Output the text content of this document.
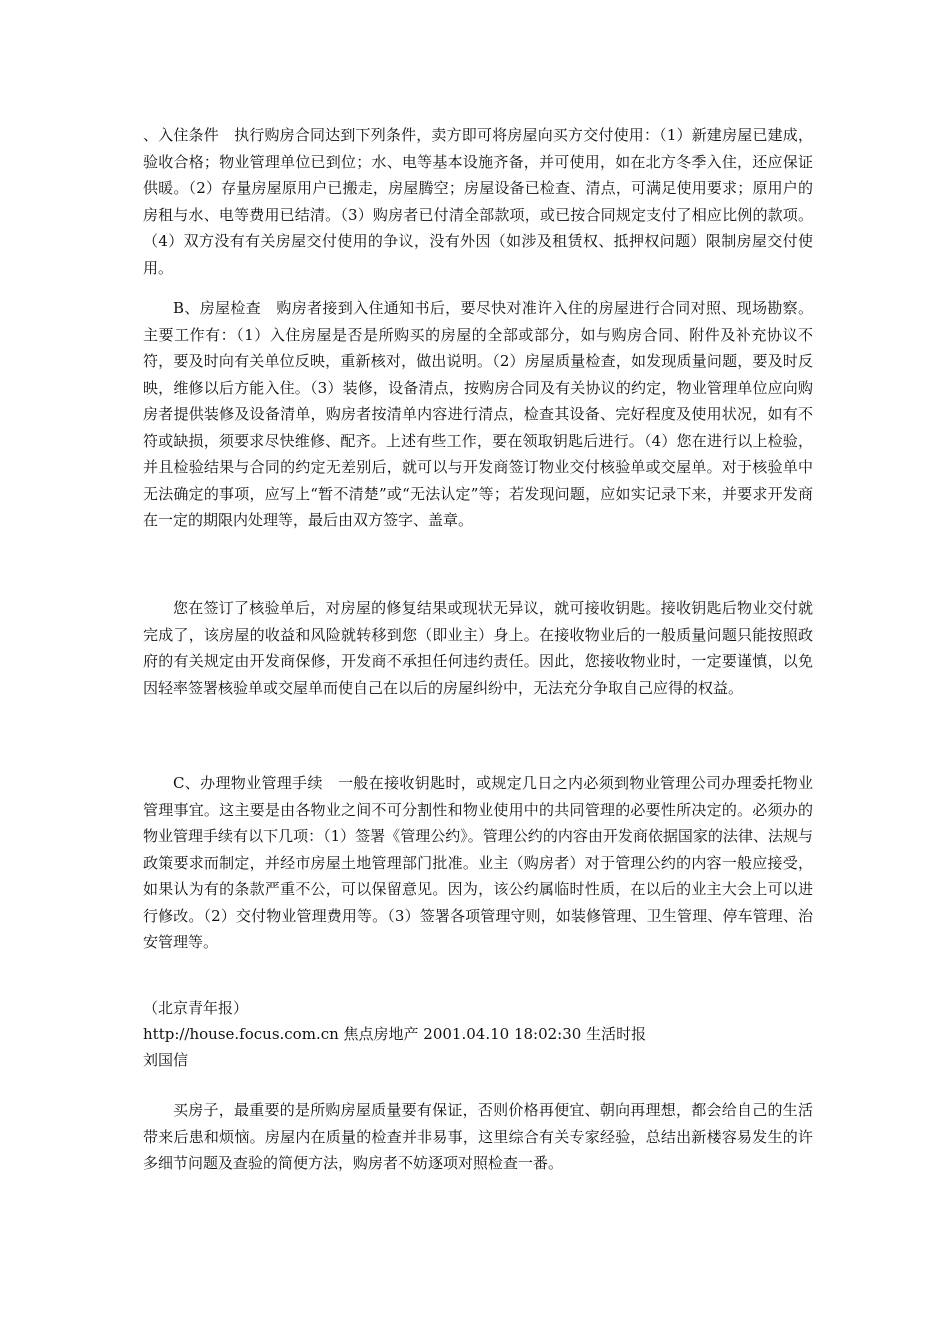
、入住条件　执行购房合同达到下列条件，卖方即可将房屋向买方交付使用：（1）新建房屋已建成，验收合格；物业管理单位已到位；水、电等基本设施齐备，并可使用，如在北方冬季入住，还应保证供暖。（2）存量房屋原用户已搬走，房屋腾空；房屋设备已检查、清点，可满足使用要求；原用户的房租与水、电等费用已结清。（3）购房者已付清全部款项，或已按合同规定支付了相应比例的款项。（4）双方没有有关房屋交付使用的争议，没有外因（如涉及租赁权、抵押权问题）限制房屋交付使用。

B、房屋检查　购房者接到入住通知书后，要尽快对准许入住的房屋进行合同对照、现场勘察。主要工作有：（1）入住房屋是否是所购买的房屋的全部或部分，如与购房合同、附件及补充协议不符，要及时向有关单位反映，重新核对，做出说明。（2）房屋质量检查，如发现质量问题，要及时反映，维修以后方能入住。（3）装修，设备清点，按购房合同及有关协议的约定，物业管理单位应向购房者提供装修及设备清单，购房者按清单内容进行清点，检查其设备、完好程度及使用状况，如有不符或缺损，须要求尽快维修、配齐。上述有些工作，要在领取钥匙后进行。（4）您在进行以上检验，并且检验结果与合同的约定无差别后，就可以与开发商签订物业交付核验单或交屋单。对于核验单中无法确定的事项，应写上“暂不清楚”或“无法认定”等；若发现问题，应如实记录下来，并要求开发商在一定的期限内处理等，最后由双方签字、盖章。

您在签订了核验单后，对房屋的修复结果或现状无异议，就可接收钥匙。接收钥匙后物业交付就完成了，该房屋的收益和风险就转移到您（即业主）身上。在接收物业后的一般质量问题只能按照政府的有关规定由开发商保修，开发商不承担任何违约责任。因此，您接收物业时，一定要谨慎，以免因轻率签署核验单或交屋单而使自己在以后的房屋纠纷中，无法充分争取自己应得的权益。

C、办理物业管理手续　一般在接收钥匙时，或规定几日之内必须到物业管理公司办理委托物业管理事宜。这主要是由各物业之间不可分割性和物业使用中的共同管理的必要性所决定的。必须办的物业管理手续有以下几项：（1）签署《管理公约》。管理公约的内容由开发商依据国家的法律、法规与政策要求而制定，并经市房屋土地管理部门批准。业主（购房者）对于管理公约的内容一般应接受，如果认为有的条款严重不公，可以保留意见。因为，该公约属临时性质，在以后的业主大会上可以进行修改。（2）交付物业管理费用等。（3）签署各项管理守则，如装修管理、卫生管理、停车管理、治安管理等。

（北京青年报）

http://house.focus.com.cn 焦点房地产 2001.04.10 18:02:30 生活时报

刘国信

买房子，最重要的是所购房屋质量要有保证，否则价格再便宜、朝向再理想，都会给自己的生活带来后患和烦恼。房屋内在质量的检查并非易事，这里综合有关专家经验，总结出新楼容易发生的许多细节问题及查验的简便方法，购房者不妨逐项对照检查一番。
